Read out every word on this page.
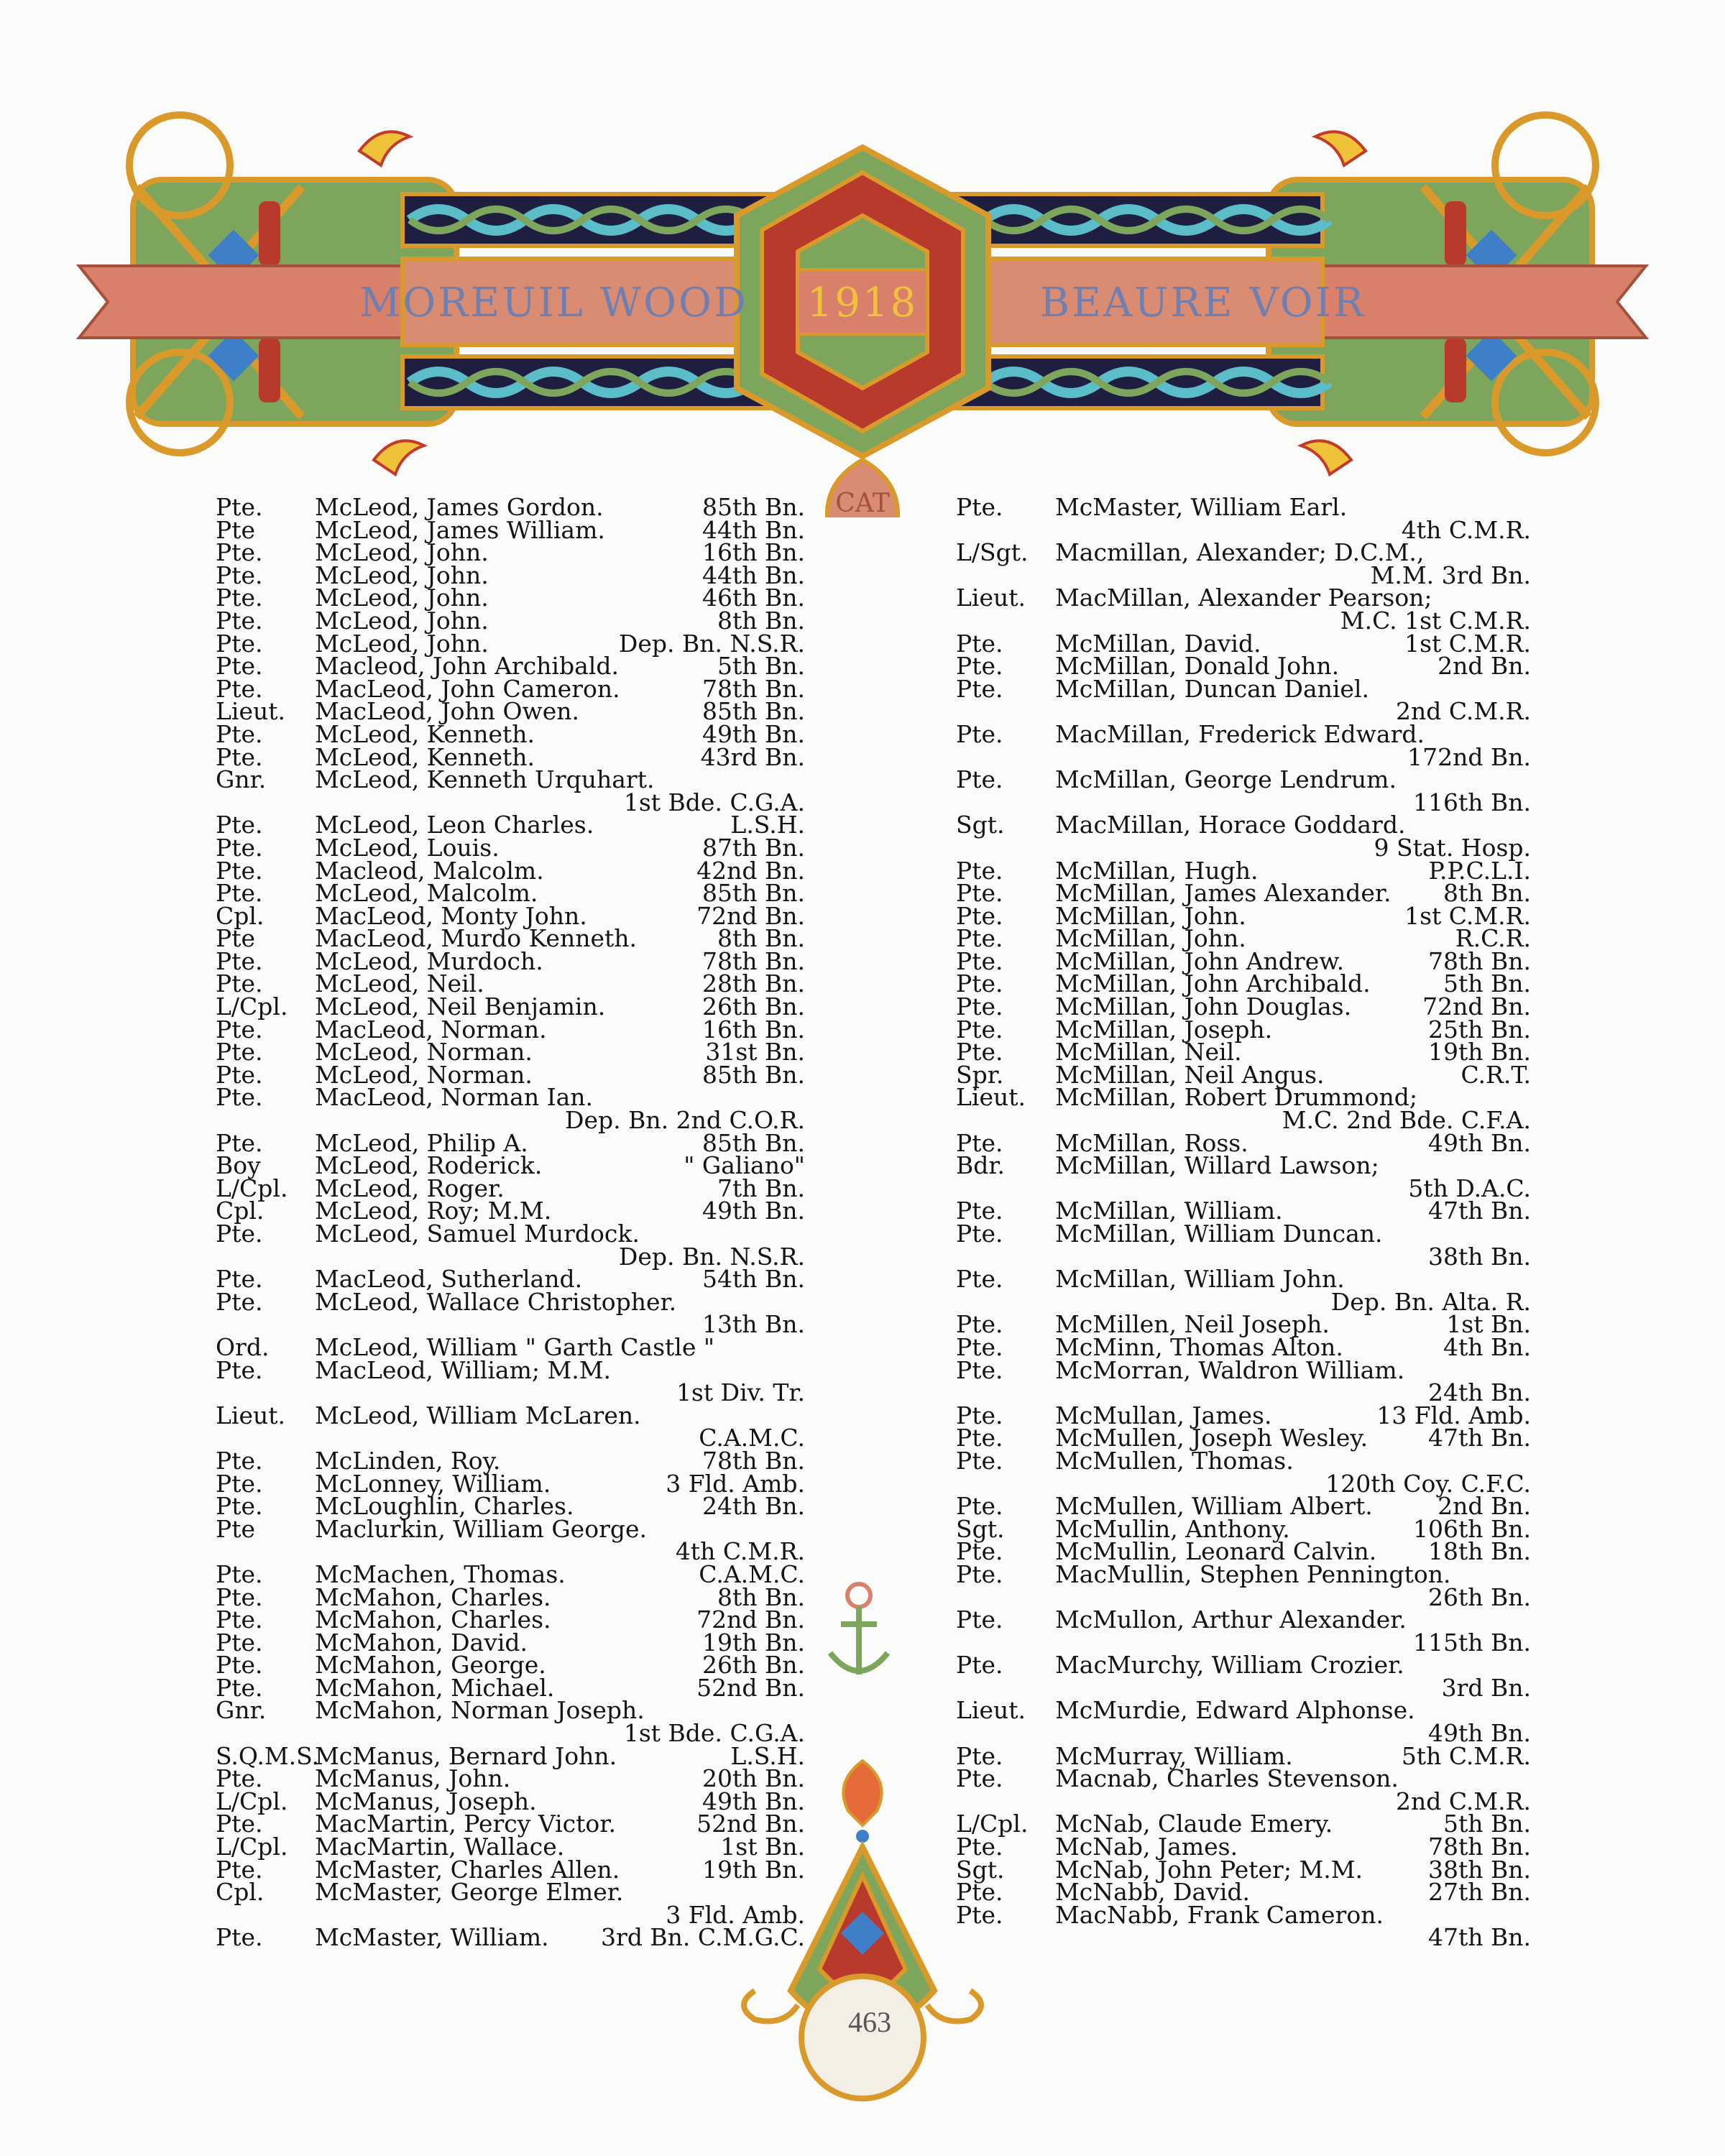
MOREUIL WOOD 1918	BEAURE VOIR
CAT
463
Pte. McLeod, James Gordon.	85th Bn.
Pte	McLeod, James William.	44th Bn.
Pte. McLeod, John.	16th Bn.
Pte. McLeod, John.	44th Bn.
Pte. McLeod, John.	46th Bn.
Pte. McLeod, John.	8th Bn.
Pte. McLeod, John.	Dep. Bn. N.S.R.
Pte. Macleod, John Archibald.	5th Bn.
Pte. MacLeod, John Cameron.	78th Bn.
Lieut. MacLeod, John Owen.	85th Bn.
Pte. McLeod, Kenneth.	49th Bn.
Pte. McLeod, Kenneth.	43rd Bn.
Gnr. McLeod, Kenneth Urquhart.
1st Bde. C.G.A.
Pte. McLeod, Leon Charles.	L.S.H.
Pte. McLeod, Louis.	87th Bn.
Pte. Macleod, Malcolm.	42nd Bn.
Pte. McLeod, Malcolm.	85th Bn.
Cpl. MacLeod, Monty John.	72nd Bn.
Pte	MacLeod, Murdo Kenneth.	8th Bn.
Pte. McLeod, Murdoch.	78th Bn.
Pte. McLeod, Neil.	28th Bn.
L/Cpl. McLeod, Neil Benjamin.	26th Bn.
Pte. MacLeod, Norman.	16th Bn.
Pte. McLeod, Norman.	31st Bn.
Pte. McLeod, Norman.	85th Bn.
Pte. MacLeod, Norman Ian.
Dep. Bn. 2nd C.O.R.
Pte. McLeod, Philip A.	85th Bn.
Boy McLeod, Roderick.	" Galiano"
L/Cpl. McLeod, Roger.	7th Bn.
Cpl. McLeod, Roy; M.M.	49th Bn.
Pte. McLeod, Samuel Murdock.
Dep. Bn. N.S.R.
Pte. MacLeod, Sutherland.	54th Bn.
Pte. McLeod, Wallace Christopher.
13th Bn.
Ord. McLeod, William " Garth Castle "
Pte. MacLeod, William; M.M.
1st Div. Tr.
Lieut. McLeod, William McLaren.
C.A.M.C.
Pte. McLinden, Roy.	78th Bn.
Pte. McLonney, William.	3 Fld. Amb.
Pte. McLoughlin, Charles.	24th Bn.
Pte	Maclurkin, William George.
4th C.M.R.
Pte. McMachen, Thomas.	C.A.M.C.
Pte. McMahon, Charles.	8th Bn.
Pte. McMahon, Charles.	72nd Bn.
Pte. McMahon, David.	19th Bn.
Pte. McMahon, George.	26th Bn.
Pte. McMahon, Michael.	52nd Bn.
Gnr. McMahon, Norman Joseph.
1st Bde. C.G.A.
S.Q.M.S.McManus, Bernard John.	L.S.H.
Pte. McManus, John.	20th Bn.
L/Cpl. McManus, Joseph.	49th Bn.
Pte. MacMartin, Percy Victor.	52nd Bn.
L/Cpl. MacMartin, Wallace.	1st Bn.
Pte. McMaster, Charles Allen.	19th Bn.
Cpl. McMaster, George Elmer.
3 Fld. Amb.
Pte. McMaster, William. 3rd Bn. C.M.G.C.
Pte. McMaster, William Earl.
4th C.M.R.
L/Sgt. Macmillan, Alexander; D.C.M.,
M.M. 3rd Bn.
Lieut. MacMillan, Alexander Pearson;
M.C. 1st C.M.R.
Pte. McMillan, David.	1st C.M.R.
Pte. McMillan, Donald John.	2nd Bn.
Pte. McMillan, Duncan Daniel.
2nd C.M.R.
Pte. MacMillan, Frederick Edward.
172nd Bn.
Pte. McMillan, George Lendrum.
116th Bn.
Sgt. MacMillan, Horace Goddard.
9 Stat. Hosp.
Pte. McMillan, Hugh.	P.P.C.L.I.
Pte. McMillan, James Alexander. 8th Bn.
Pte. McMillan, John.	1st C.M.R.
Pte. McMillan, John.	R.C.R.
Pte. McMillan, John Andrew.	78th Bn.
Pte. McMillan, John Archibald.	5th Bn.
Pte. McMillan, John Douglas.	72nd Bn.
Pte. McMillan, Joseph.	25th Bn.
Pte. McMillan, Neil.	19th Bn.
Spr. McMillan, Neil Angus.	C.R.T.
Lieut. McMillan, Robert Drummond;
M.C. 2nd Bde. C.F.A.
Pte. McMillan, Ross.	49th Bn.
Bdr. McMillan, Willard Lawson;
5th D.A.C.
Pte. McMillan, William.	47th Bn.
Pte. McMillan, William Duncan.
38th Bn.
Pte. McMillan, William John.
Dep. Bn. Alta. R.
Pte. McMillen, Neil Joseph.	1st Bn.
Pte. McMinn, Thomas Alton.	4th Bn.
Pte. McMorran, Waldron William.
24th Bn.
Pte. McMullan, James.	13 Fld. Amb.
Pte. McMullen, Joseph Wesley.	47th Bn.
Pte. McMullen, Thomas.
120th Coy. C.F.C.
Pte. McMullen, William Albert.	2nd Bn.
Sgt. McMullin, Anthony.	106th Bn.
Pte. McMullin, Leonard Calvin. 18th Bn.
Pte. MacMullin, Stephen Pennington.
26th Bn.
Pte. McMullon, Arthur Alexander.
115th Bn.
Pte. MacMurchy, William Crozier.
3rd Bn.
Lieut. McMurdie, Edward Alphonse.
49th Bn.
Pte. McMurray, William.	5th C.M.R.
Pte. Macnab, Charles Stevenson.
2nd C.M.R.
L/Cpl. McNab, Claude Emery.	5th Bn.
Pte. McNab, James.	78th Bn.
Sgt. McNab, John Peter; M.M.	38th Bn.
Pte. McNabb, David.	27th Bn.
Pte. MacNabb, Frank Cameron.
47th Bn.
